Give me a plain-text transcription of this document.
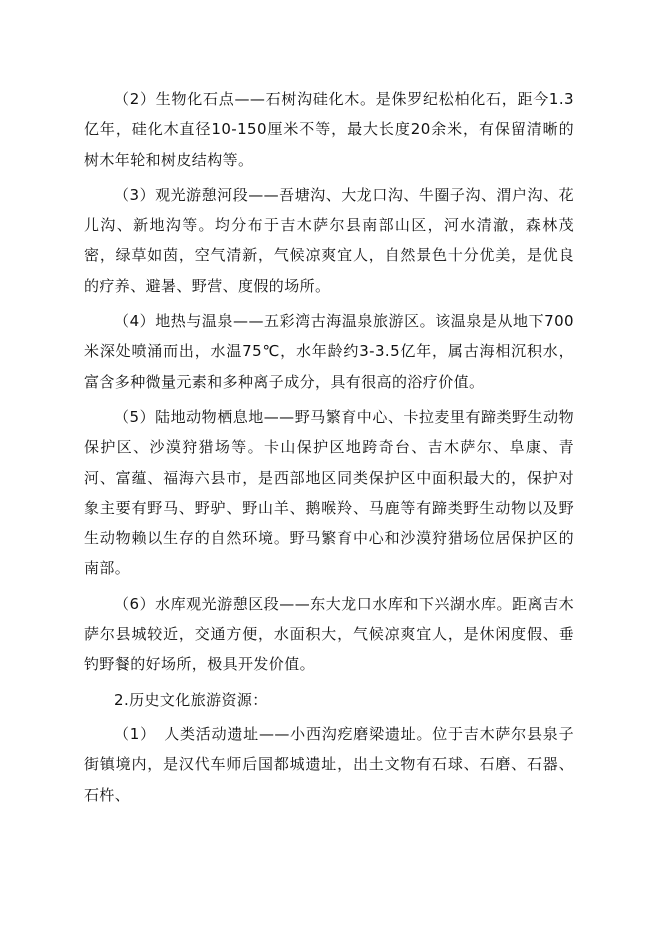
（2）生物化石点——石树沟硅化木。是侏罗纪松柏化石，距今1.3亿年，硅化木直径10-150厘米不等，最大长度20余米，有保留清晰的树木年轮和树皮结构等。

（3）观光游憩河段——吾塘沟、大龙口沟、牛圈子沟、渭户沟、花儿沟、新地沟等。均分布于吉木萨尔县南部山区，河水清澈，森林茂密，绿草如茵，空气清新，气候凉爽宜人，自然景色十分优美，是优良的疗养、避暑、野营、度假的场所。

（4）地热与温泉——五彩湾古海温泉旅游区。该温泉是从地下700米深处喷涌而出，水温75℃，水年龄约3-3.5亿年，属古海相沉积水，富含多种微量元素和多种离子成分，具有很高的浴疗价值。

（5）陆地动物栖息地——野马繁育中心、卡拉麦里有蹄类野生动物保护区、沙漠狩猎场等。卡山保护区地跨奇台、吉木萨尔、阜康、青河、富蕴、福海六县市，是西部地区同类保护区中面积最大的，保护对象主要有野马、野驴、野山羊、鹅喉羚、马鹿等有蹄类野生动物以及野生动物赖以生存的自然环境。野马繁育中心和沙漠狩猎场位居保护区的南部。

（6）水库观光游憩区段——东大龙口水库和下兴湖水库。距离吉木萨尔县城较近，交通方便，水面积大，气候凉爽宜人，是休闲度假、垂钓野餐的好场所，极具开发价值。

2.历史文化旅游资源：

（1）　人类活动遗址——小西沟疙磨梁遗址。位于吉木萨尔县泉子街镇境内，是汉代车师后国都城遗址，出土文物有石球、石磨、石器、石杵、
